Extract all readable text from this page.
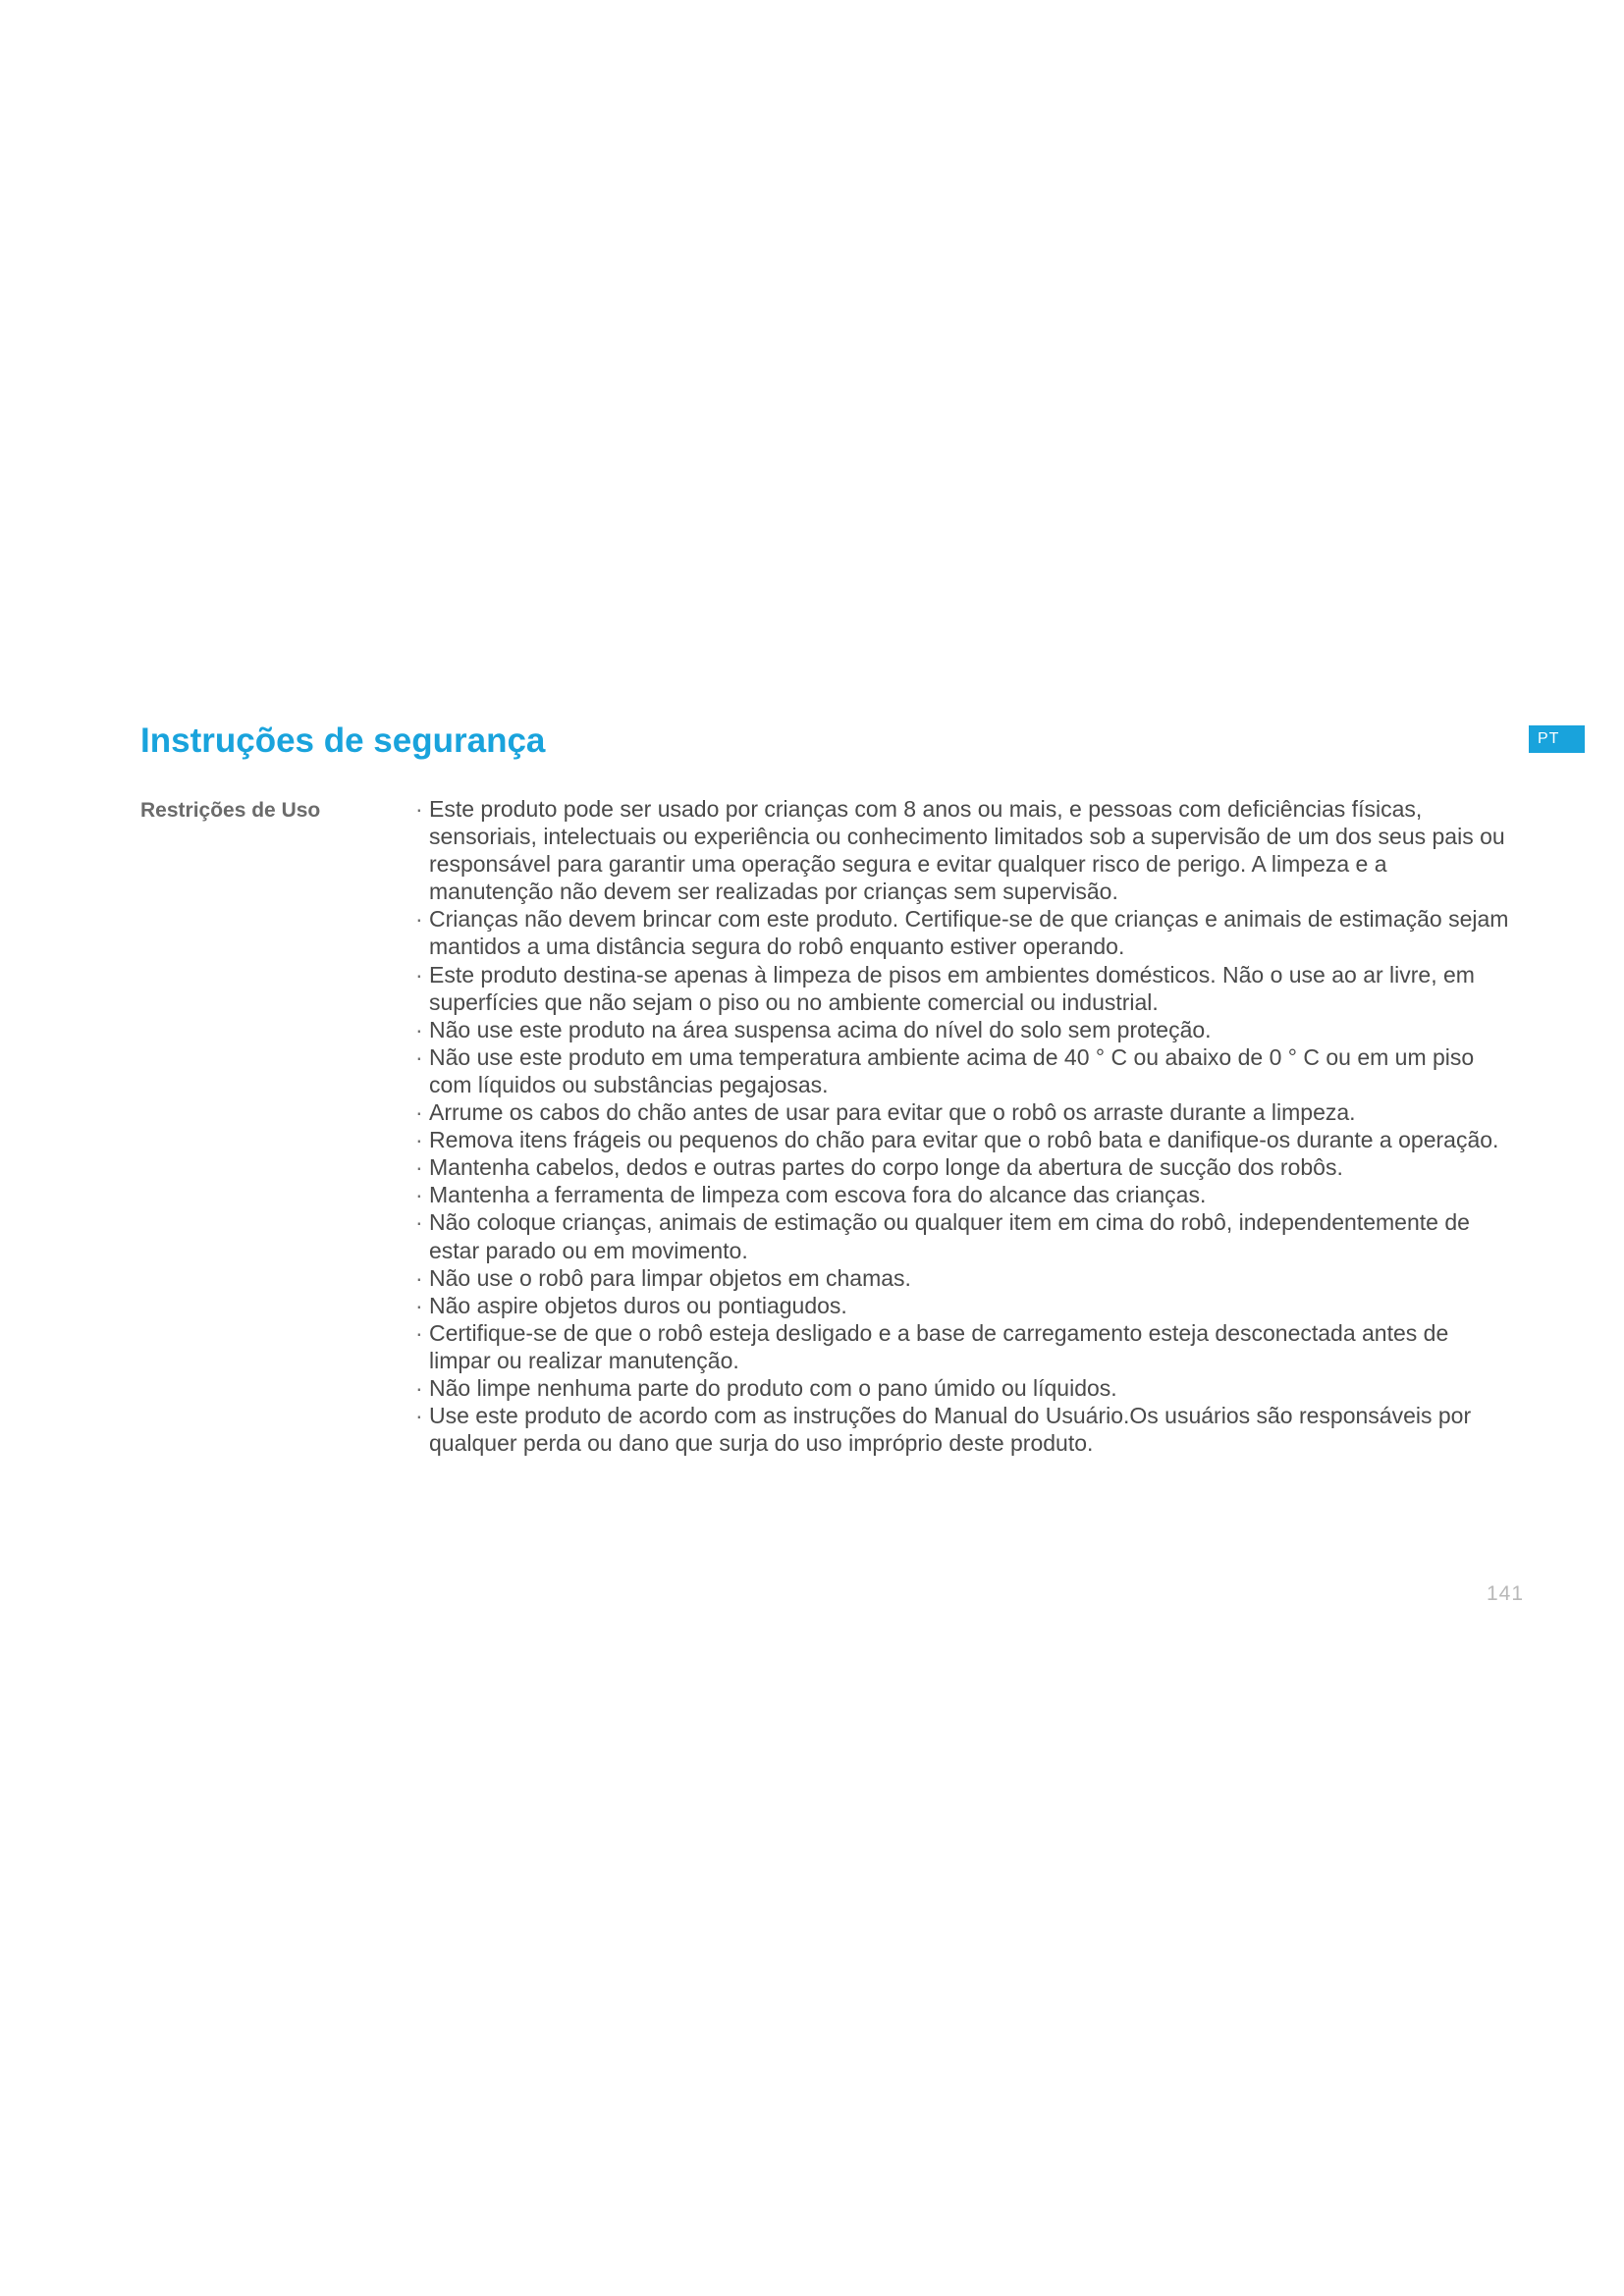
Instruções de segurança	PT
Restrições de Uso	· Este produto pode ser usado por crianças com 8 anos ou mais, e pessoas com deficiências físicas, sensoriais, intelectuais ou experiência ou conhecimento limitados sob a supervisão de um dos seus pais ou responsável para garantir uma operação segura e evitar qualquer risco de perigo. A limpeza e a manutenção não devem ser realizadas por crianças sem supervisão.
· Crianças não devem brincar com este produto. Certifique-se de que crianças e animais de estimação sejam mantidos a uma distância segura do robô enquanto estiver operando.
· Este produto destina-se apenas à limpeza de pisos em ambientes domésticos. Não o use ao ar livre, em superfícies que não sejam o piso ou no ambiente comercial ou industrial.
· Não use este produto na área suspensa acima do nível do solo sem proteção.
· Não use este produto em uma temperatura ambiente acima de 40 ° C ou abaixo de 0 ° C ou em um piso com líquidos ou substâncias pegajosas.
· Arrume os cabos do chão antes de usar para evitar que o robô os arraste durante a limpeza.
· Remova itens frágeis ou pequenos do chão para evitar que o robô bata e danifique-os durante a operação.
· Mantenha cabelos, dedos e outras partes do corpo longe da abertura de sucção dos robôs.
· Mantenha a ferramenta de limpeza com escova fora do alcance das crianças.
· Não coloque crianças, animais de estimação ou qualquer item em cima do robô, independentemente de estar parado ou em movimento.
· Não use o robô para limpar objetos em chamas.
· Não aspire objetos duros ou pontiagudos.
· Certifique-se de que o robô esteja desligado e a base de carregamento esteja desconectada antes de limpar ou realizar manutenção.
· Não limpe nenhuma parte do produto com o pano úmido ou líquidos.
· Use este produto de acordo com as instruções do Manual do Usuário.Os usuários são responsáveis por qualquer perda ou dano que surja do uso impróprio deste produto.
141
